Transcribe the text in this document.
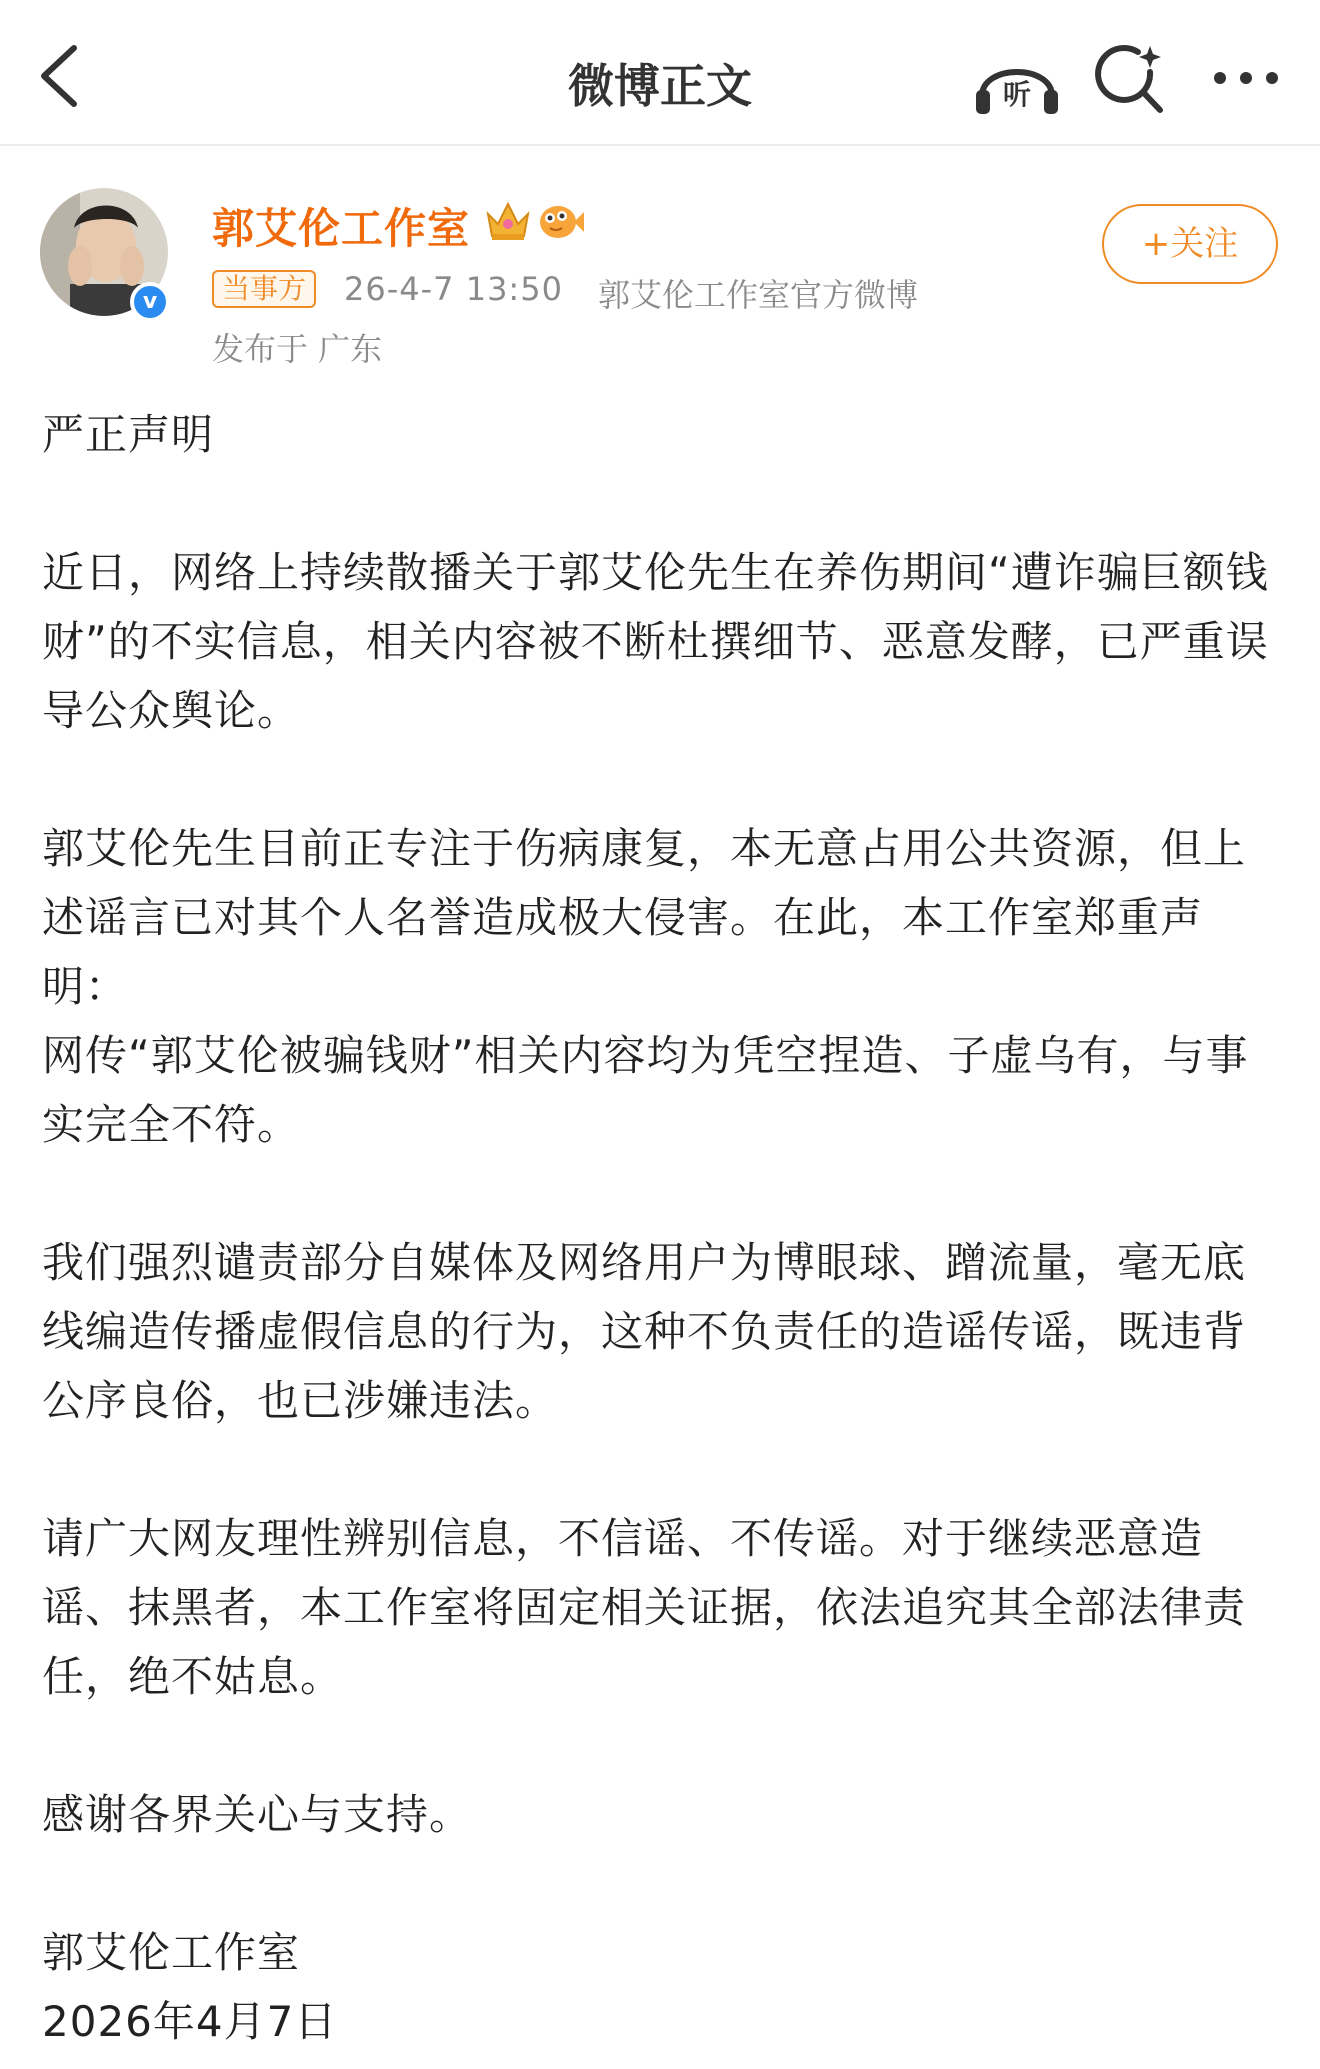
微博正文	听
v
郭艾伦工作室
当事方	26-4-7 13:50 郭艾伦工作室官方微博
发布于 广东
+关注

严正声明

近日，网络上持续散播关于郭艾伦先生在养伤期间“遭诈骗巨额钱财”的不实信息，相关内容被不断杜撰细节、恶意发酵，已严重误导公众舆论。

郭艾伦先生目前正专注于伤病康复，本无意占用公共资源，但上述谣言已对其个人名誉造成极大侵害。在此，本工作室郑重声明：

网传“郭艾伦被骗钱财”相关内容均为凭空捏造、子虚乌有，与事实完全不符。

我们强烈谴责部分自媒体及网络用户为博眼球、蹭流量，毫无底线编造传播虚假信息的行为，这种不负责任的造谣传谣，既违背公序良俗，也已涉嫌违法。

请广大网友理性辨别信息，不信谣、不传谣。对于继续恶意造谣、抹黑者，本工作室将固定相关证据，依法追究其全部法律责任，绝不姑息。

感谢各界关心与支持。

郭艾伦工作室

2026年4月7日
